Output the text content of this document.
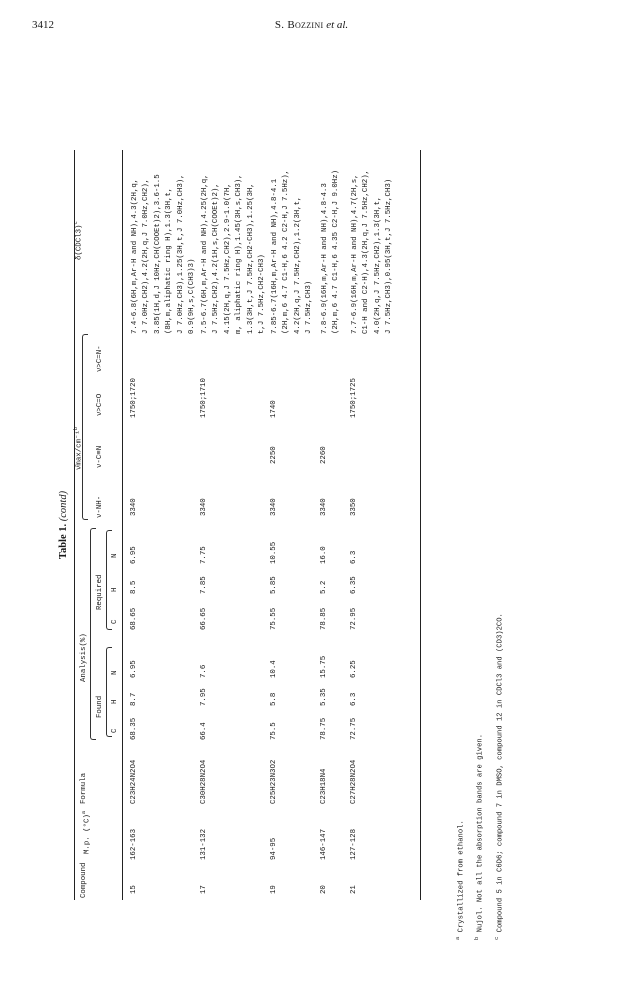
3412	S. Bozzini et al.
Table 1. (contd)
Compound
M.p. $(^\circ C)^a$
Formula
Analysis(%)
ν̄max/cm⁻¹$^b$
δ(CDCl3)$^c$
Found
Required
C
H
N
C
H
N
ν-NH-
ν-C≡N
ν>C=O
ν>C=N-
15
162-163
C23H24N2O4
68.35
8.7
6.95
68.65
8.5
6.95
3340
1750;1720
7.4-6.8(6H,m,Ar-H and NH),4.3(2H,q, J 7.0Hz,CH2),4.2(2H,q,J 7.0Hz,CH2), 3.85(1H,d,J 10Hz,CH(COOEt)2),3.6-1.5 (8H,m,aliphatic ring H),1.3(3H,t, J 7.0Hz,CH3),1.25(3H,t,J 7.0Hz,CH3), 0.9(9H,s,C(CH3)3)
17
131-132
C30H28N2O4
66.4
7.95
7.6
66.65
7.85
7.75
3340
1750;1710
7.5-6.7(6H,m,Ar-H and NH),4.25(2H,q, J 7.5Hz,CH2),4.2(1H,s,CH(COOEt)2), 4.15(2H,q,J 7.5Hz,CH2),2.9-1.0(7H, m, aliphatic ring H),1.45(3H,s,CH3), 1.3(3H,t,J 7.5Hz,CH2-CH3),1.25(3H, t,J 7.5Hz,CH2-CH3)
19
94-95
C25H23N3O2
75.5
5.8
10.4
75.55
5.85
10.55
3340
2250
1740
7.85-6.7(16H,m,Ar-H and NH),4.8-4.1 (2H,m,6 4.7 C1-H,6 4.2 C2-H,J 7.5Hz), 4.2(2H,q,J 7.5Hz,CH2),1.2(3H,t, J 7.5Hz,CH3)
20
146-147
C23H18N4
78.75
5.35
15.75
78.85
5.2
16.0
3340
2260
7.8-6.9(16H,m,Ar-H and NH),4.8-4.3 (2H,m,6 4.7 C1-H,6 4.35 C2-H,J 9.0Hz)
21
127-128
C27H28N2O4
72.75
6.3
6.25
72.95
6.35
6.3
3350
1750;1725
7.7-6.9(16H,m,Ar-H and NH),4.7(2H,s, C1-H and C2-H),4.3(2H,q,J 7.5Hz,CH2), 4.0(2H,q,J 7.5Hz,CH2),1.3(3H,t, J 7.5Hz,CH3),0.95(3H,t,J 7.5Hz,CH3)
$^a$ Crystallized from ethanol.
$^b$ Nujol. Not all the absorption bands are given.
$^c$ Compound 5 in C6D6; compound 7 in DMSO, compound 12 in CDCl3 and (CD3)2CO.
